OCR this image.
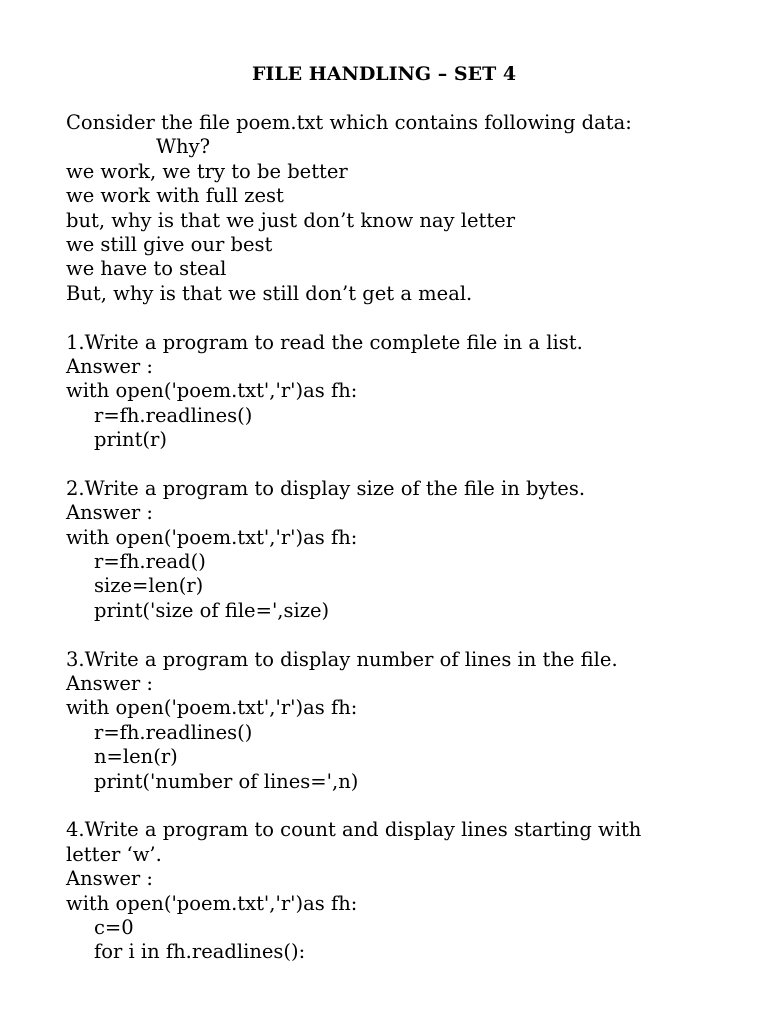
FILE HANDLING – SET 4
Consider the file poem.txt which contains following data:
Why?
we work, we try to be better
we work with full zest
but, why is that we just don’t know nay letter
we still give our best
we have to steal
But, why is that we still don’t get a meal.
1.Write a program to read the complete file in a list.
Answer :
with open('poem.txt','r')as fh:
r=fh.readlines()
print(r)
2.Write a program to display size of the file in bytes.
Answer :
with open('poem.txt','r')as fh:
r=fh.read()
size=len(r)
print('size of file=',size)
3.Write a program to display number of lines in the file.
Answer :
with open('poem.txt','r')as fh:
r=fh.readlines()
n=len(r)
print('number of lines=',n)
4.Write a program to count and display lines starting with
letter ‘w’.
Answer :
with open('poem.txt','r')as fh:
c=0
for i in fh.readlines():
